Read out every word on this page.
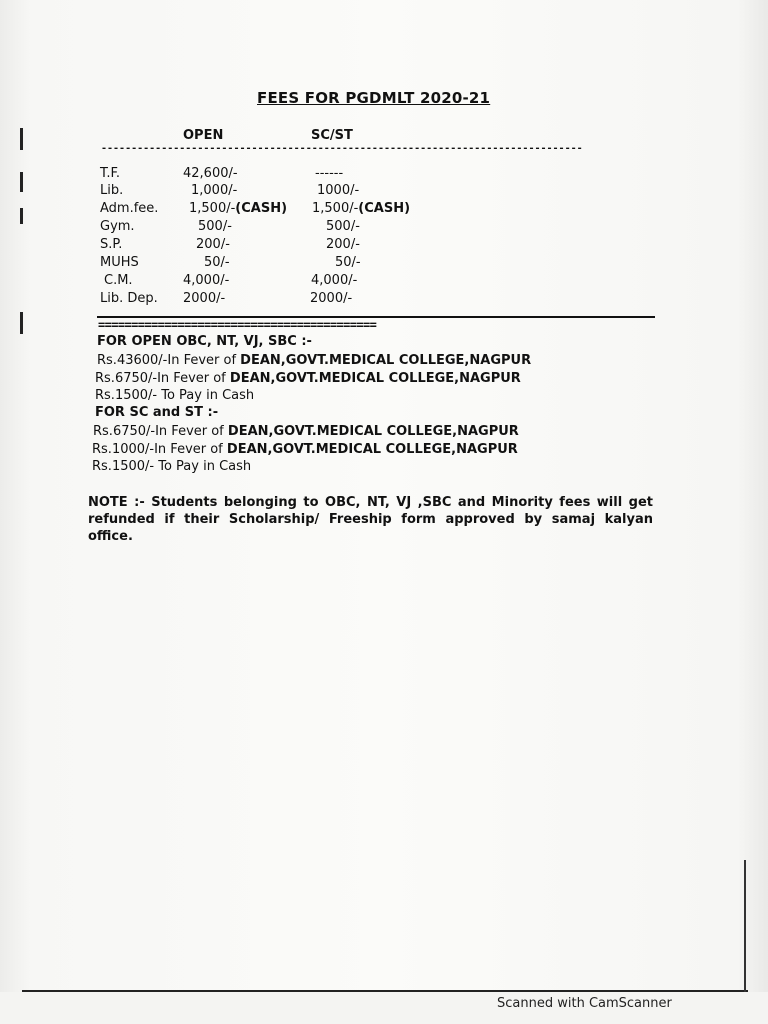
FEES FOR PGDMLT 2020-21
OPEN	SC/ST
--------------------------------------------------------------------------------
T.F.	42,600/-	------
Lib.	1,000/-	1000/-
Adm.fee. 1,500/-(CASH) 1,500/-(CASH)
Gym.	500/-	500/-
S.P.	200/-	200/-
MUHS	50/-	50/-
C.M.	4,000/-	4,000/-
Lib. Dep. 2000/-	2000/-
==========================================
FOR OPEN OBC, NT, VJ, SBC :-
Rs.43600/-In Fever of DEAN,GOVT.MEDICAL COLLEGE,NAGPUR
Rs.6750/-In Fever of DEAN,GOVT.MEDICAL COLLEGE,NAGPUR
Rs.1500/- To Pay in Cash
FOR SC and ST :-
Rs.6750/-In Fever of DEAN,GOVT.MEDICAL COLLEGE,NAGPUR
Rs.1000/-In Fever of DEAN,GOVT.MEDICAL COLLEGE,NAGPUR
Rs.1500/- To Pay in Cash
NOTE :- Students belonging to OBC, NT, VJ ,SBC and Minority fees will get refunded if their Scholarship/ Freeship form approved by samaj kalyan office.
Scanned with CamScanner
